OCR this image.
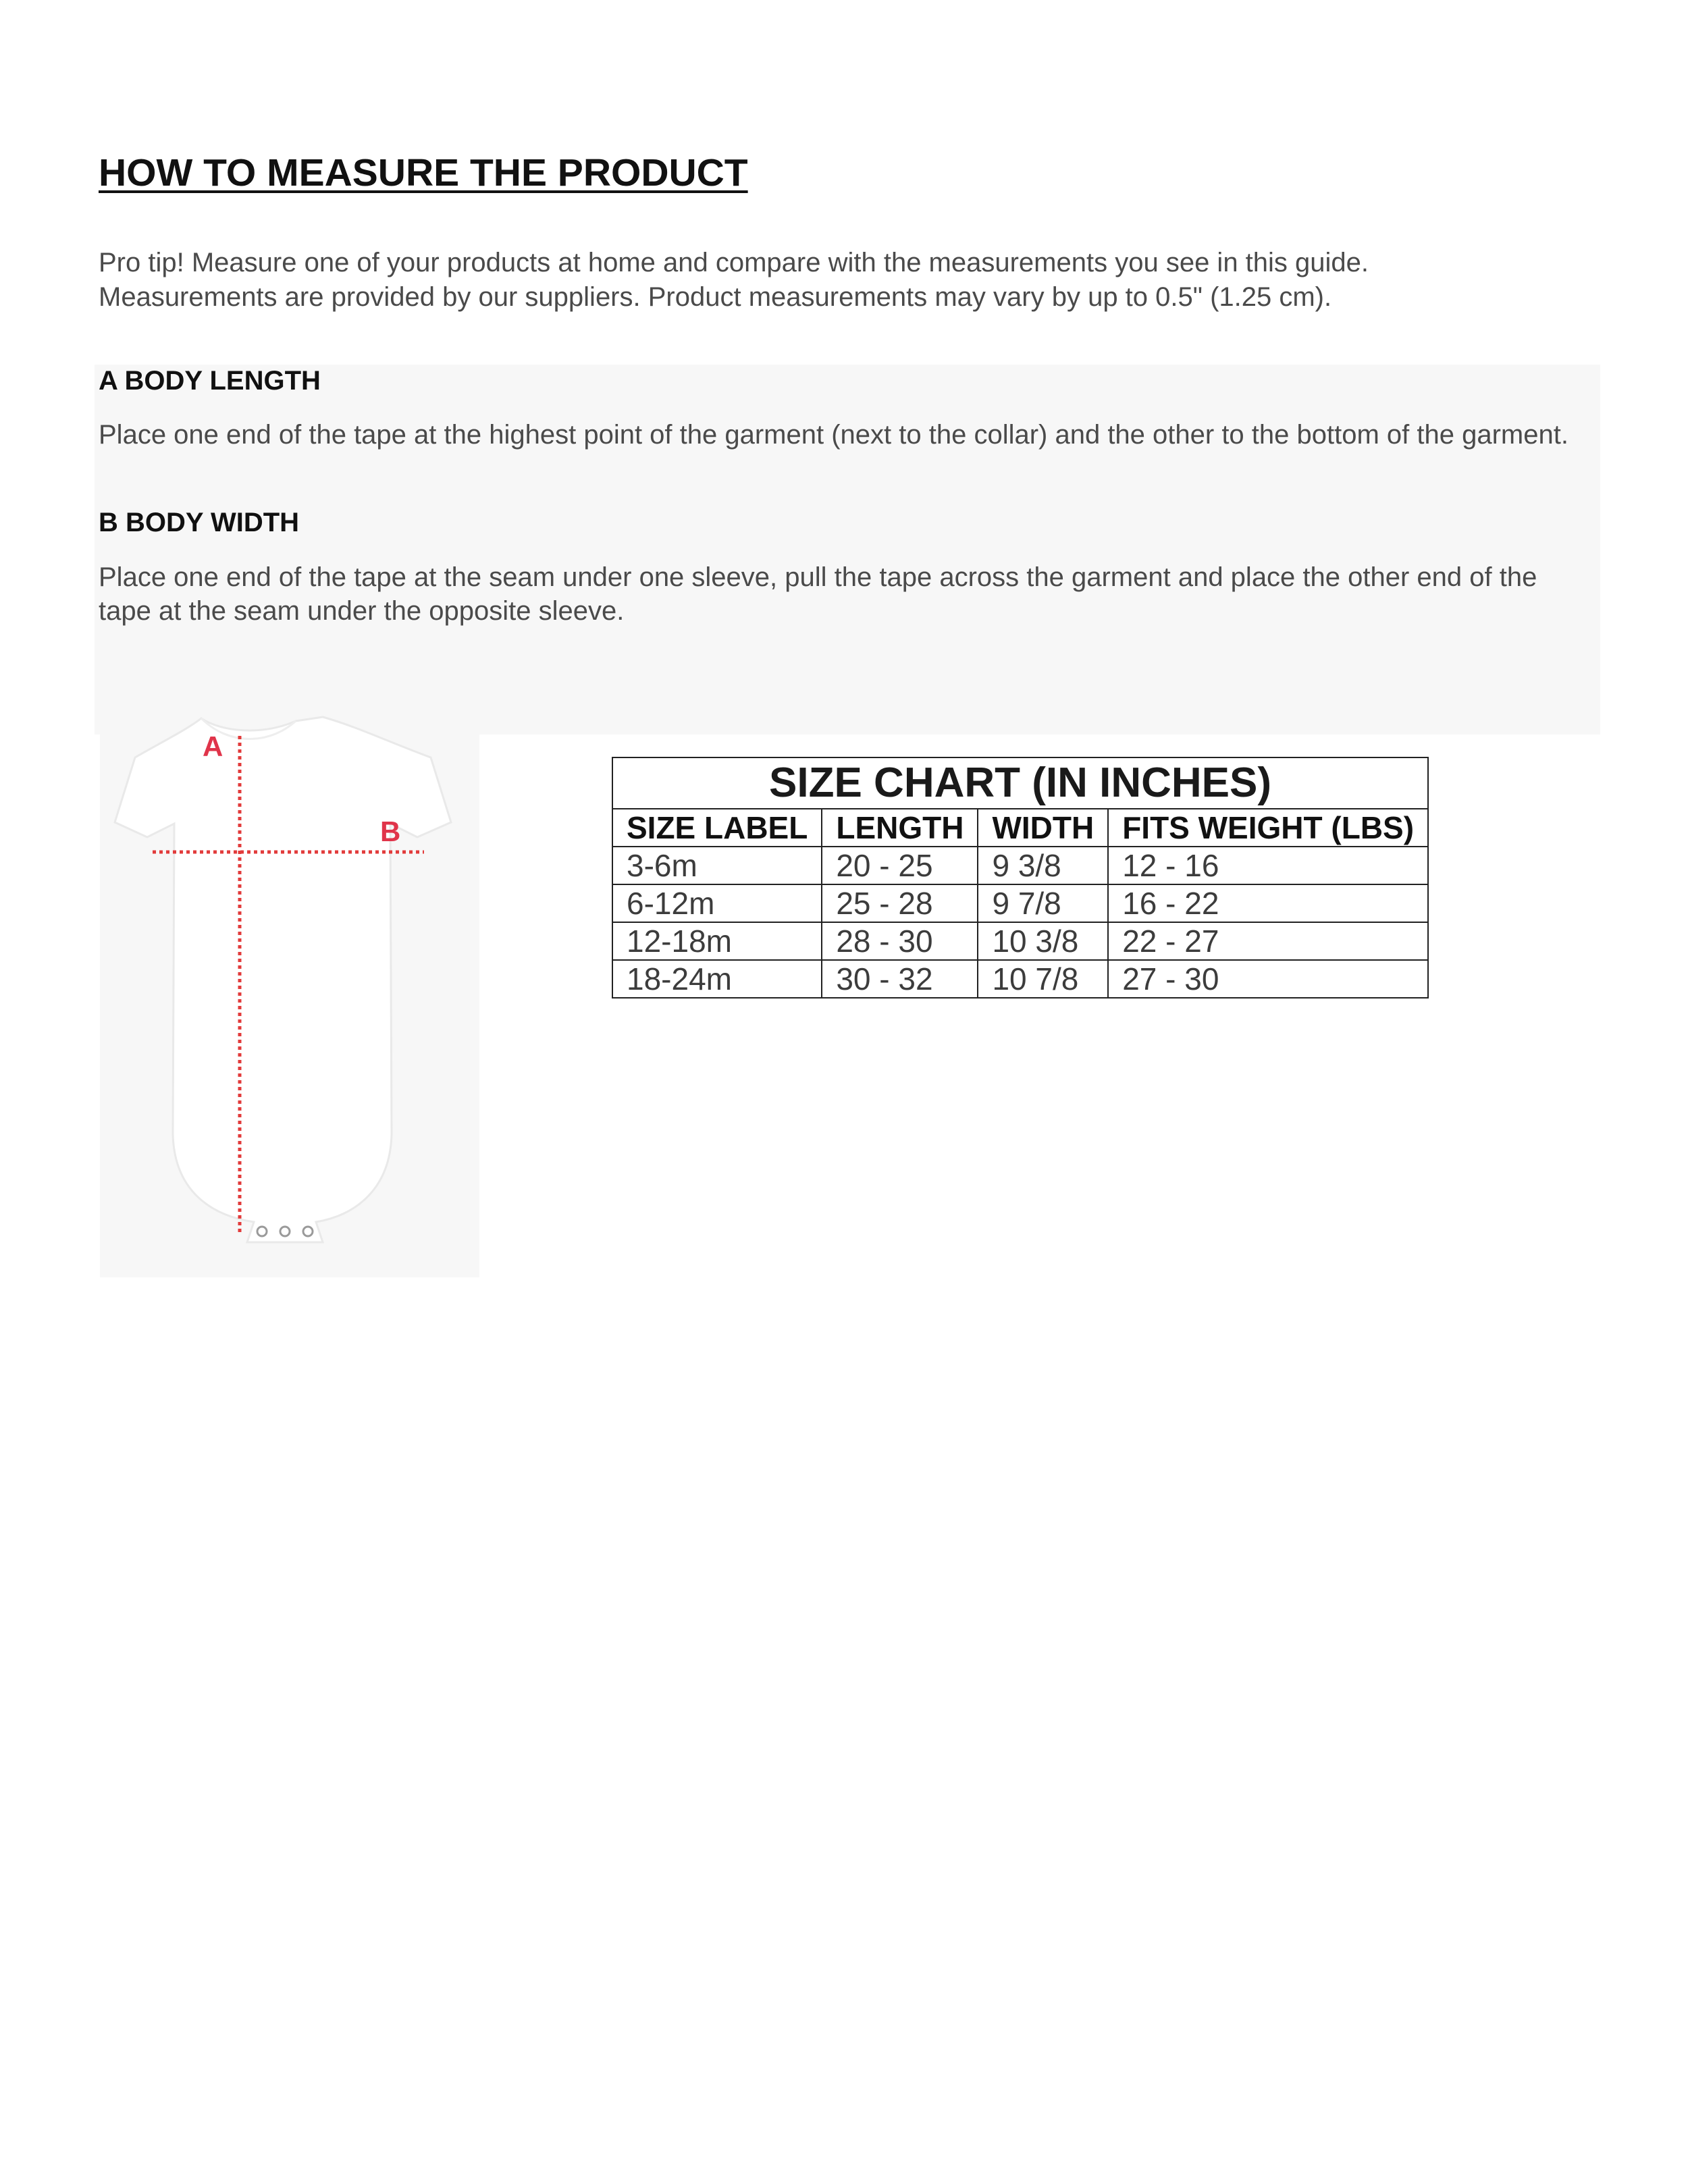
HOW TO MEASURE THE PRODUCT

Pro tip! Measure one of your products at home and compare with the measurements you see in this guide.

Measurements are provided by our suppliers. Product measurements may vary by up to 0.5" (1.25 cm).

A BODY LENGTH

Place one end of the tape at the highest point of the garment (next to the collar) and the other to the bottom of the garment.

B BODY WIDTH

Place one end of the tape at the seam under one sleeve, pull the tape across the garment and place the other end of the tape at the seam under the opposite sleeve.

A
B
SIZE CHART (IN INCHES)			
SIZE LABEL	LENGTH	WIDTH	FITS WEIGHT (LBS)
3-6m	20 - 25	9 3/8	12 - 16
6-12m	25 - 28	9 7/8	16 - 22
12-18m	28 - 30	10 3/8	22 - 27
18-24m	30 - 32	10 7/8	27 - 30
